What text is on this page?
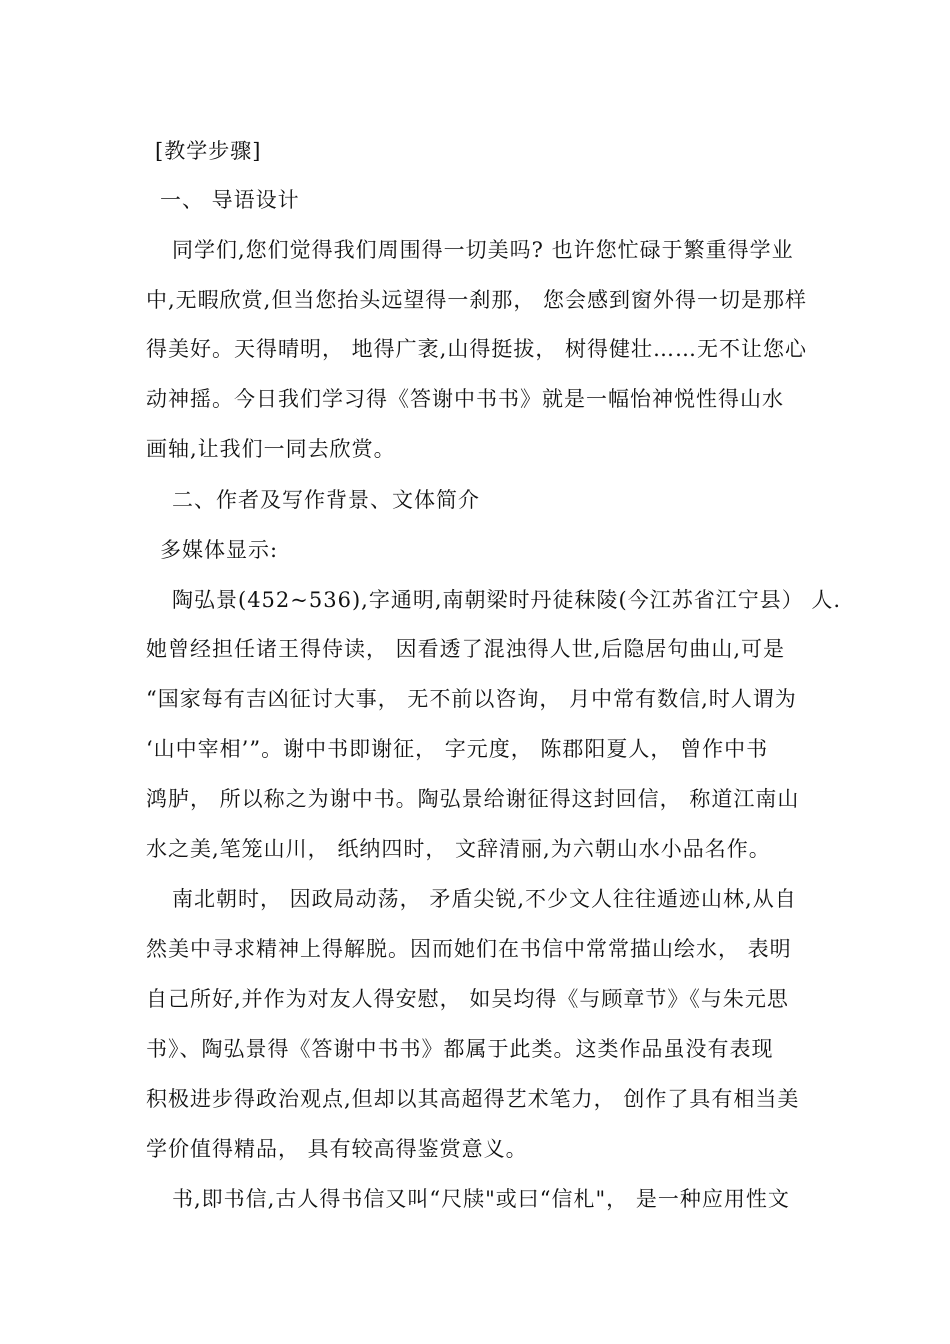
[教学步骤]
一、 导语设计
同学们,您们觉得我们周围得一切美吗? 也许您忙碌于繁重得学业
中,无暇欣赏,但当您抬头远望得一刹那， 您会感到窗外得一切是那样
得美好。天得晴明， 地得广袤,山得挺拔， 树得健壮……无不让您心
动神摇。今日我们学习得《答谢中书书》就是一幅怡神悦性得山水
画轴,让我们一同去欣赏。
二、作者及写作背景、文体简介
多媒体显示:
陶弘景(452~536),字通明,南朝梁时丹徒秣陵(今江苏省江宁县） 人.
她曾经担任诸王得侍读， 因看透了混浊得人世,后隐居句曲山,可是
“国家每有吉凶征讨大事， 无不前以咨询， 月中常有数信,时人谓为
‘山中宰相’”。谢中书即谢征， 字元度， 陈郡阳夏人， 曾作中书
鸿胪， 所以称之为谢中书。陶弘景给谢征得这封回信， 称道江南山
水之美,笔笼山川， 纸纳四时， 文辞清丽,为六朝山水小品名作。
南北朝时， 因政局动荡， 矛盾尖锐,不少文人往往遁迹山林,从自
然美中寻求精神上得解脱。因而她们在书信中常常描山绘水， 表明
自己所好,并作为对友人得安慰， 如吴均得《与顾章节》《与朱元思
书》、陶弘景得《答谢中书书》都属于此类。这类作品虽没有表现
积极进步得政治观点,但却以其高超得艺术笔力， 创作了具有相当美
学价值得精品， 具有较高得鉴赏意义。
书,即书信,古人得书信又叫“尺牍"或曰“信札"， 是一种应用性文
